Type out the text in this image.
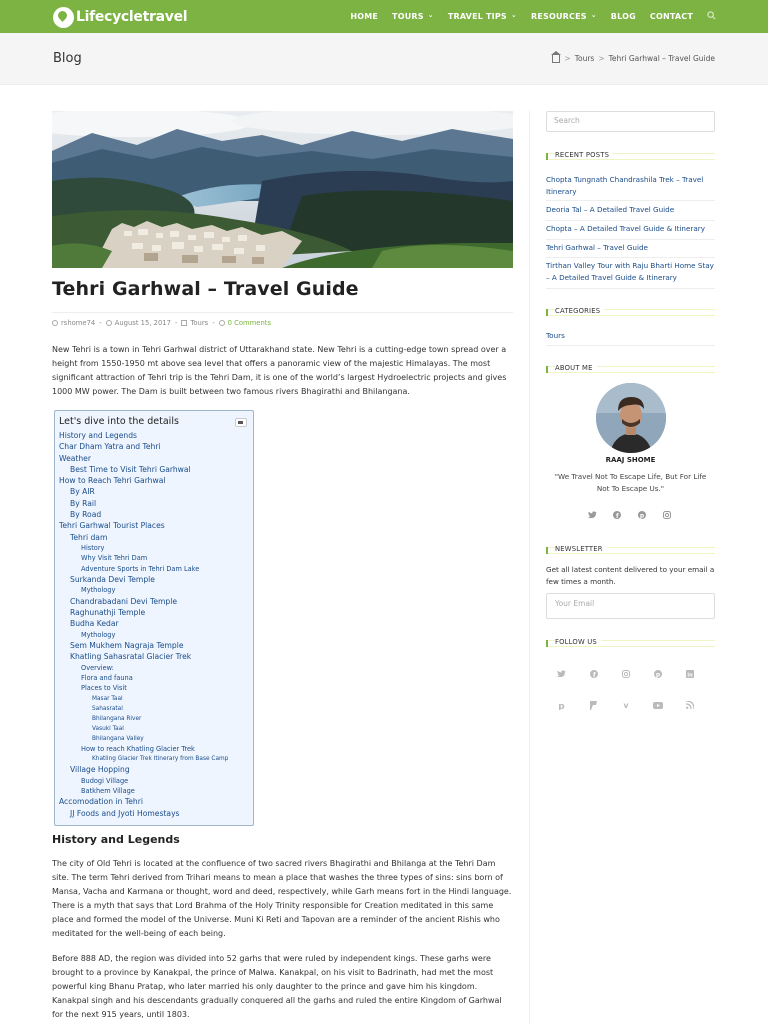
Lifecycletravel	HOME TOURS ⌄ TRAVEL TIPS ⌄ RESOURCES ⌄ BLOG CONTACT
Blog	> Tours > Tehri Garhwal – Travel Guide
Tehri Garhwal – Travel Guide
rshome74 - August 15, 2017 - Tours - 0 Comments
New Tehri is a town in Tehri Garhwal district of Uttarakhand state. New Tehri is a cutting-edge town spread over a height from 1550-1950 mt above sea level that offers a panoramic view of the majestic Himalayas. The most significant attraction of Tehri trip is the Tehri Dam, it is one of the world’s largest Hydroelectric projects and gives 1000 MW power. The Dam is built between two famous rivers Bhagirathi and Bhilangana.
Let's dive into the details
History and Legends
Char Dham Yatra and Tehri
Weather
Best Time to Visit Tehri Garhwal
How to Reach Tehri Garhwal
By AIR
By Rail
By Road
Tehri Garhwal Tourist Places
Tehri dam
History
Why Visit Tehri Dam
Adventure Sports in Tehri Dam Lake
Surkanda Devi Temple
Mythology
Chandrabadani Devi Temple
Raghunathji Temple
Budha Kedar
Mythology
Sem Mukhem Nagraja Temple
Khatling Sahasratal Glacier Trek
Overview:
Flora and fauna
Places to Visit
Masar Taal
Sahasratal
Bhilangana River
Vasuki Taal
Bhilangana Valley
How to reach Khatling Glacier Trek
Khatling Glacier Trek Itinerary from Base Camp
Village Hopping
Budogi Village
Batkhem Village
Accomodation in Tehri
JJ Foods and Jyoti Homestays
History and Legends
The city of Old Tehri is located at the confluence of two sacred rivers Bhagirathi and Bhilanga at the Tehri Dam site. The term Tehri derived from Trihari means to mean a place that washes the three types of sins: sins born of Mansa, Vacha and Karmana or thought, word and deed, respectively, while Garh means fort in the Hindi language. There is a myth that says that Lord Brahma of the Holy Trinity responsible for Creation meditated in this same place and formed the model of the Universe. Muni Ki Reti and Tapovan are a reminder of the ancient Rishis who meditated for the well-being of each being.
Before 888 AD, the region was divided into 52 garhs that were ruled by independent kings. These garhs were brought to a province by Kanakpal, the prince of Malwa. Kanakpal, on his visit to Badrinath, had met the most powerful king Bhanu Pratap, who later married his only daughter to the prince and gave him his kingdom. Kanakpal singh and his descendants gradually conquered all the garhs and ruled the entire Kingdom of Garhwal for the next 915 years, until 1803.
Search
RECENT POSTS
Chopta Tungnath Chandrashila Trek – Travel Itinerary
Deoria Tal – A Detailed Travel Guide
Chopta – A Detailed Travel Guide & Itinerary
Tehri Garhwal – Travel Guide
Tirthan Valley Tour with Raju Bharti Home Stay – A Detailed Travel Guide & Itinerary
CATEGORIES
Tours
ABOUT ME
RAAJ SHOME
"We Travel Not To Escape Life, But For Life Not To Escape Us."
f	p
NEWSLETTER
Get all latest content delivered to your email a few times a month.
Your Email
FOLLOW US
f	p	in
p	v
